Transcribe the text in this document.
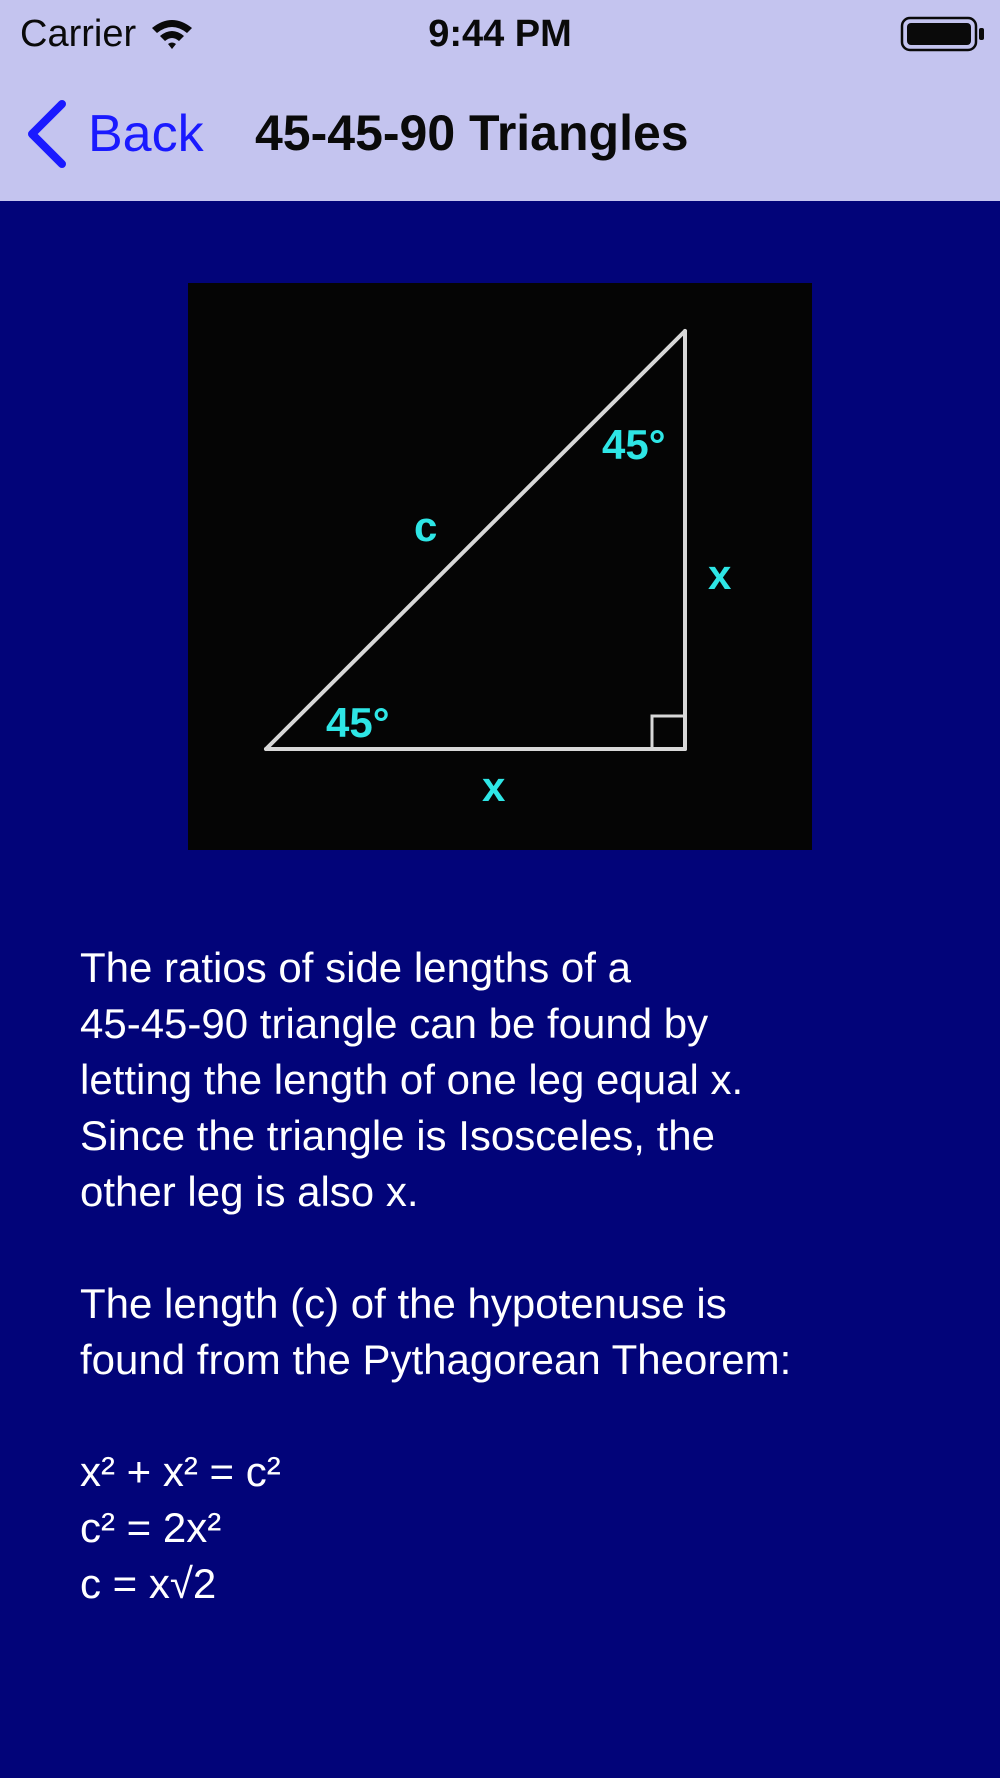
Carrier	9:44 PM
Back 45-45-90 Triangles
45°
45°
c
x
x

The ratios of side lengths of a
45-45-90 triangle can be found by
letting the length of one leg equal x.
Since the triangle is Isosceles, the
other leg is also x.

The length (c) of the hypotenuse is
found from the Pythagorean Theorem:

x² + x² = c²

c² = 2x²

c = x√2
